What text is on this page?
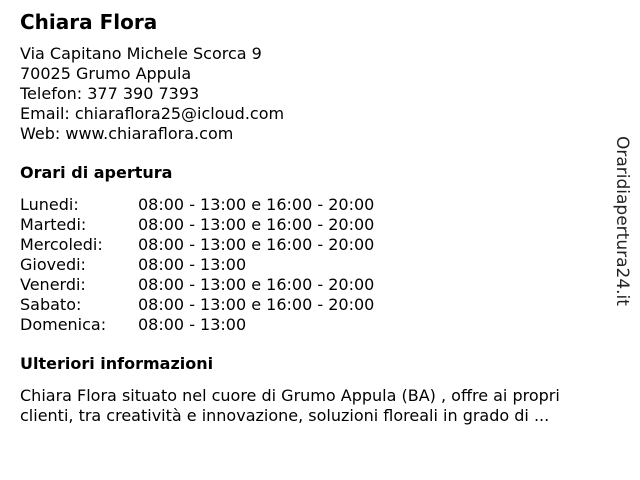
Chiara Flora
Via Capitano Michele Scorca 9
70025 Grumo Appula
Telefon: 377 390 7393
Email: chiaraflora25@icloud.com
Web: www.chiaraflora.com
Orari di apertura
Lunedi:	08:00 - 13:00 e 16:00 - 20:00
Martedi:	08:00 - 13:00 e 16:00 - 20:00
Mercoledi:	08:00 - 13:00 e 16:00 - 20:00
Giovedi:	08:00 - 13:00
Venerdi:	08:00 - 13:00 e 16:00 - 20:00
Sabato:	08:00 - 13:00 e 16:00 - 20:00
Domenica:	08:00 - 13:00
Ulteriori informazioni
Chiara Flora situato nel cuore di Grumo Appula (BA) , offre ai propri
clienti, tra creatività e innovazione, soluzioni floreali in grado di ...
Oraridiapertura24.it
